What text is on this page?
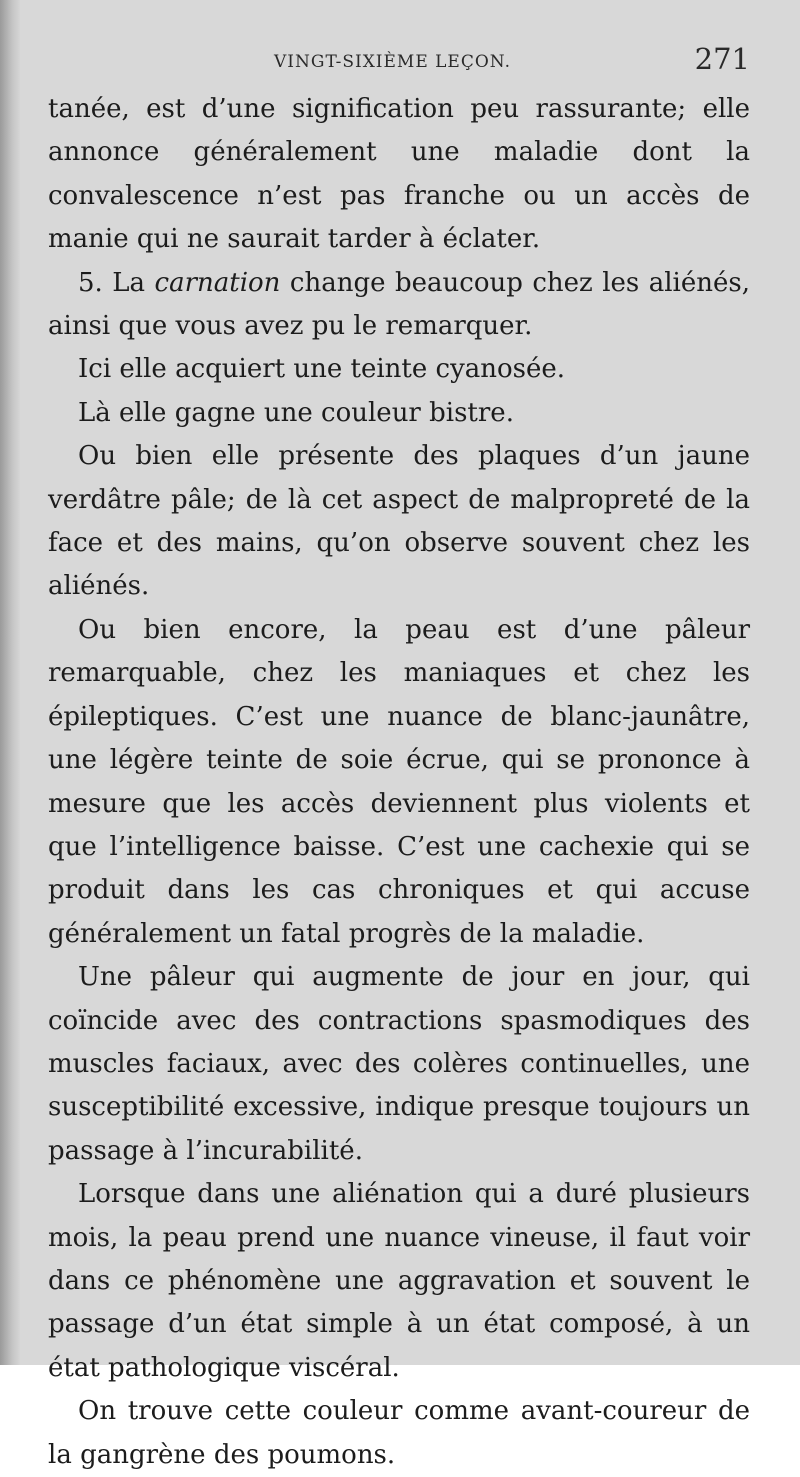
VINGT-SIXIÈME LEÇON.	271

tanée, est d’une signification peu rassurante; elle annonce généralement une maladie dont la convalescence n’est pas franche ou un accès de manie qui ne saurait tarder à éclater.

5. La carnation change beaucoup chez les aliénés, ainsi que vous avez pu le remarquer.

Ici elle acquiert une teinte cyanosée.

Là elle gagne une couleur bistre.

Ou bien elle présente des plaques d’un jaune verdâtre pâle; de là cet aspect de malpropreté de la face et des mains, qu’on observe souvent chez les aliénés.

Ou bien encore, la peau est d’une pâleur remarquable, chez les maniaques et chez les épileptiques. C’est une nuance de blanc-jaunâtre, une légère teinte de soie écrue, qui se prononce à mesure que les accès deviennent plus violents et que l’intelligence baisse. C’est une cachexie qui se produit dans les cas chroniques et qui accuse généralement un fatal progrès de la maladie.

Une pâleur qui augmente de jour en jour, qui coïncide avec des contractions spasmodiques des muscles faciaux, avec des colères continuelles, une susceptibilité excessive, indique presque toujours un passage à l’incurabilité.

Lorsque dans une aliénation qui a duré plusieurs mois, la peau prend une nuance vineuse, il faut voir dans ce phénomène une aggravation et souvent le passage d’un état simple à un état composé, à un état pathologique viscéral.

On trouve cette couleur comme avant-coureur de la gangrène des poumons.
